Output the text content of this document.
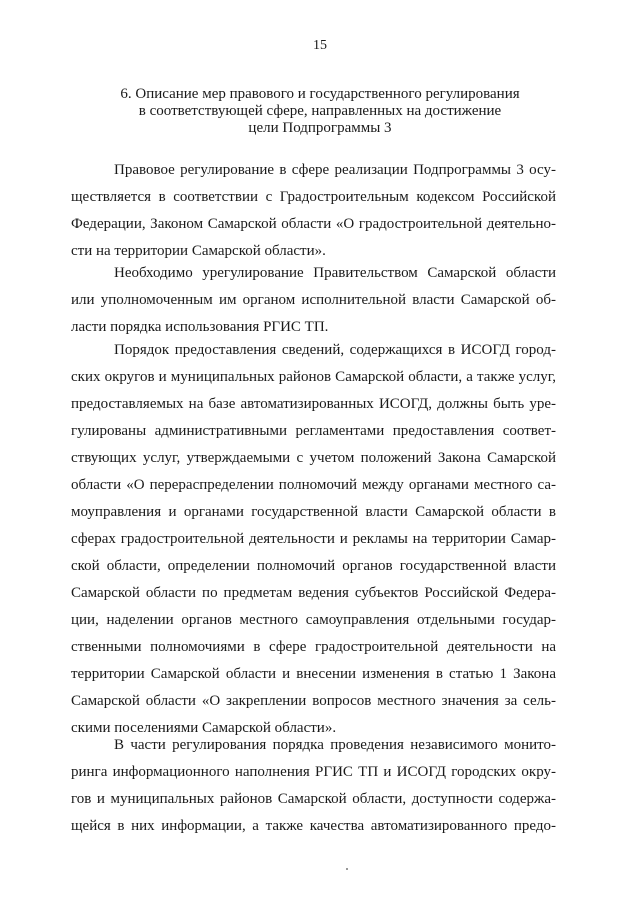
15
6. Описание мер правового и государственного регулирования
в соответствующей сфере, направленных на достижение
цели Подпрограммы 3

Правовое регулирование в сфере реализации Подпрограммы 3 осу-
ществляется в соответствии с Градостроительным кодексом Российской
Федерации, Законом Самарской области «О градостроительной деятельно-
сти на территории Самарской области».

Необходимо урегулирование Правительством Самарской области
или уполномоченным им органом исполнительной власти Самарской об-
ласти порядка использования РГИС ТП.

Порядок предоставления сведений, содержащихся в ИСОГД город-
ских округов и муниципальных районов Самарской области, а также услуг,
предоставляемых на базе автоматизированных ИСОГД, должны быть уре-
гулированы административными регламентами предоставления соответ-
ствующих услуг, утверждаемыми с учетом положений Закона Самарской
области «О перераспределении полномочий между органами местного са-
моуправления и органами государственной власти Самарской области в
сферах градостроительной деятельности и рекламы на территории Самар-
ской области, определении полномочий органов государственной власти
Самарской области по предметам ведения субъектов Российской Федера-
ции, наделении органов местного самоуправления отдельными государ-
ственными полномочиями в сфере градостроительной деятельности на
территории Самарской области и внесении изменения в статью 1 Закона
Самарской области «О закреплении вопросов местного значения за сель-
скими поселениями Самарской области».

В части регулирования порядка проведения независимого монито-
ринга информационного наполнения РГИС ТП и ИСОГД городских окру-
гов и муниципальных районов Самарской области, доступности содержа-
щейся в них информации, а также качества автоматизированного предо-
